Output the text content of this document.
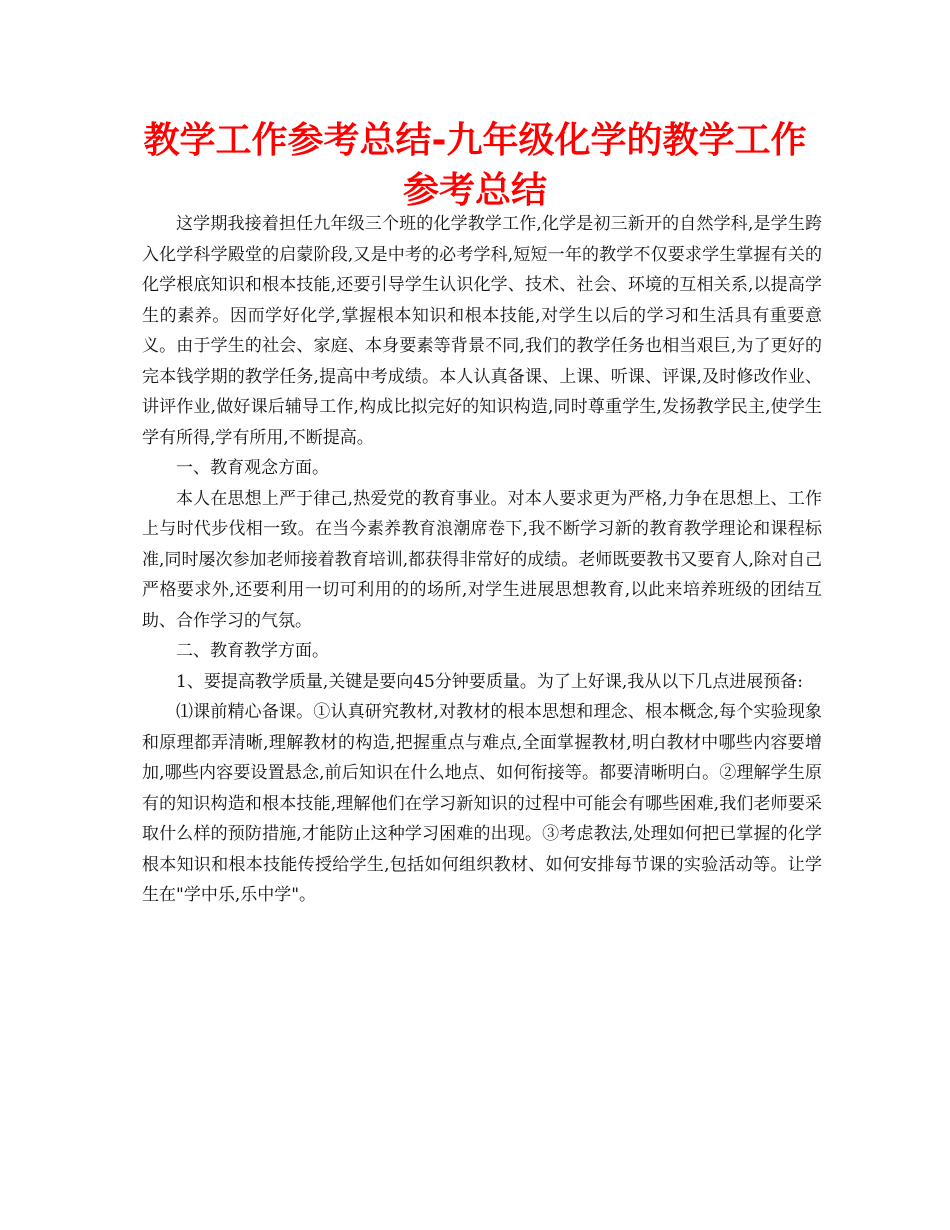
教学工作参考总结-九年级化学的教学工作参考总结

这学期我接着担任九年级三个班的化学教学工作,化学是初三新开的自然学科,是学生跨入化学科学殿堂的启蒙阶段,又是中考的必考学科,短短一年的教学不仅要求学生掌握有关的化学根底知识和根本技能,还要引导学生认识化学、技术、社会、环境的互相关系,以提高学生的素养。因而学好化学,掌握根本知识和根本技能,对学生以后的学习和生活具有重要意义。由于学生的社会、家庭、本身要素等背景不同,我们的教学任务也相当艰巨,为了更好的完本钱学期的教学任务,提高中考成绩。本人认真备课、上课、听课、评课,及时修改作业、讲评作业,做好课后辅导工作,构成比拟完好的知识构造,同时尊重学生,发扬教学民主,使学生学有所得,学有所用,不断提高。

一、教育观念方面。

本人在思想上严于律己,热爱党的教育事业。对本人要求更为严格,力争在思想上、工作上与时代步伐相一致。在当今素养教育浪潮席卷下,我不断学习新的教育教学理论和课程标准,同时屡次参加老师接着教育培训,都获得非常好的成绩。老师既要教书又要育人,除对自己严格要求外,还要利用一切可利用的的场所,对学生进展思想教育,以此来培养班级的团结互助、合作学习的气氛。

二、教育教学方面。

1、要提高教学质量,关键是要向45分钟要质量。为了上好课,我从以下几点进展预备:

⑴课前精心备课。①认真研究教材,对教材的根本思想和理念、根本概念,每个实验现象和原理都弄清晰,理解教材的构造,把握重点与难点,全面掌握教材,明白教材中哪些内容要增加,哪些内容要设置悬念,前后知识在什么地点、如何衔接等。都要清晰明白。②理解学生原有的知识构造和根本技能,理解他们在学习新知识的过程中可能会有哪些困难,我们老师要采取什么样的预防措施,才能防止这种学习困难的出现。③考虑教法,处理如何把已掌握的化学根本知识和根本技能传授给学生,包括如何组织教材、如何安排每节课的实验活动等。让学生在"学中乐,乐中学"。
